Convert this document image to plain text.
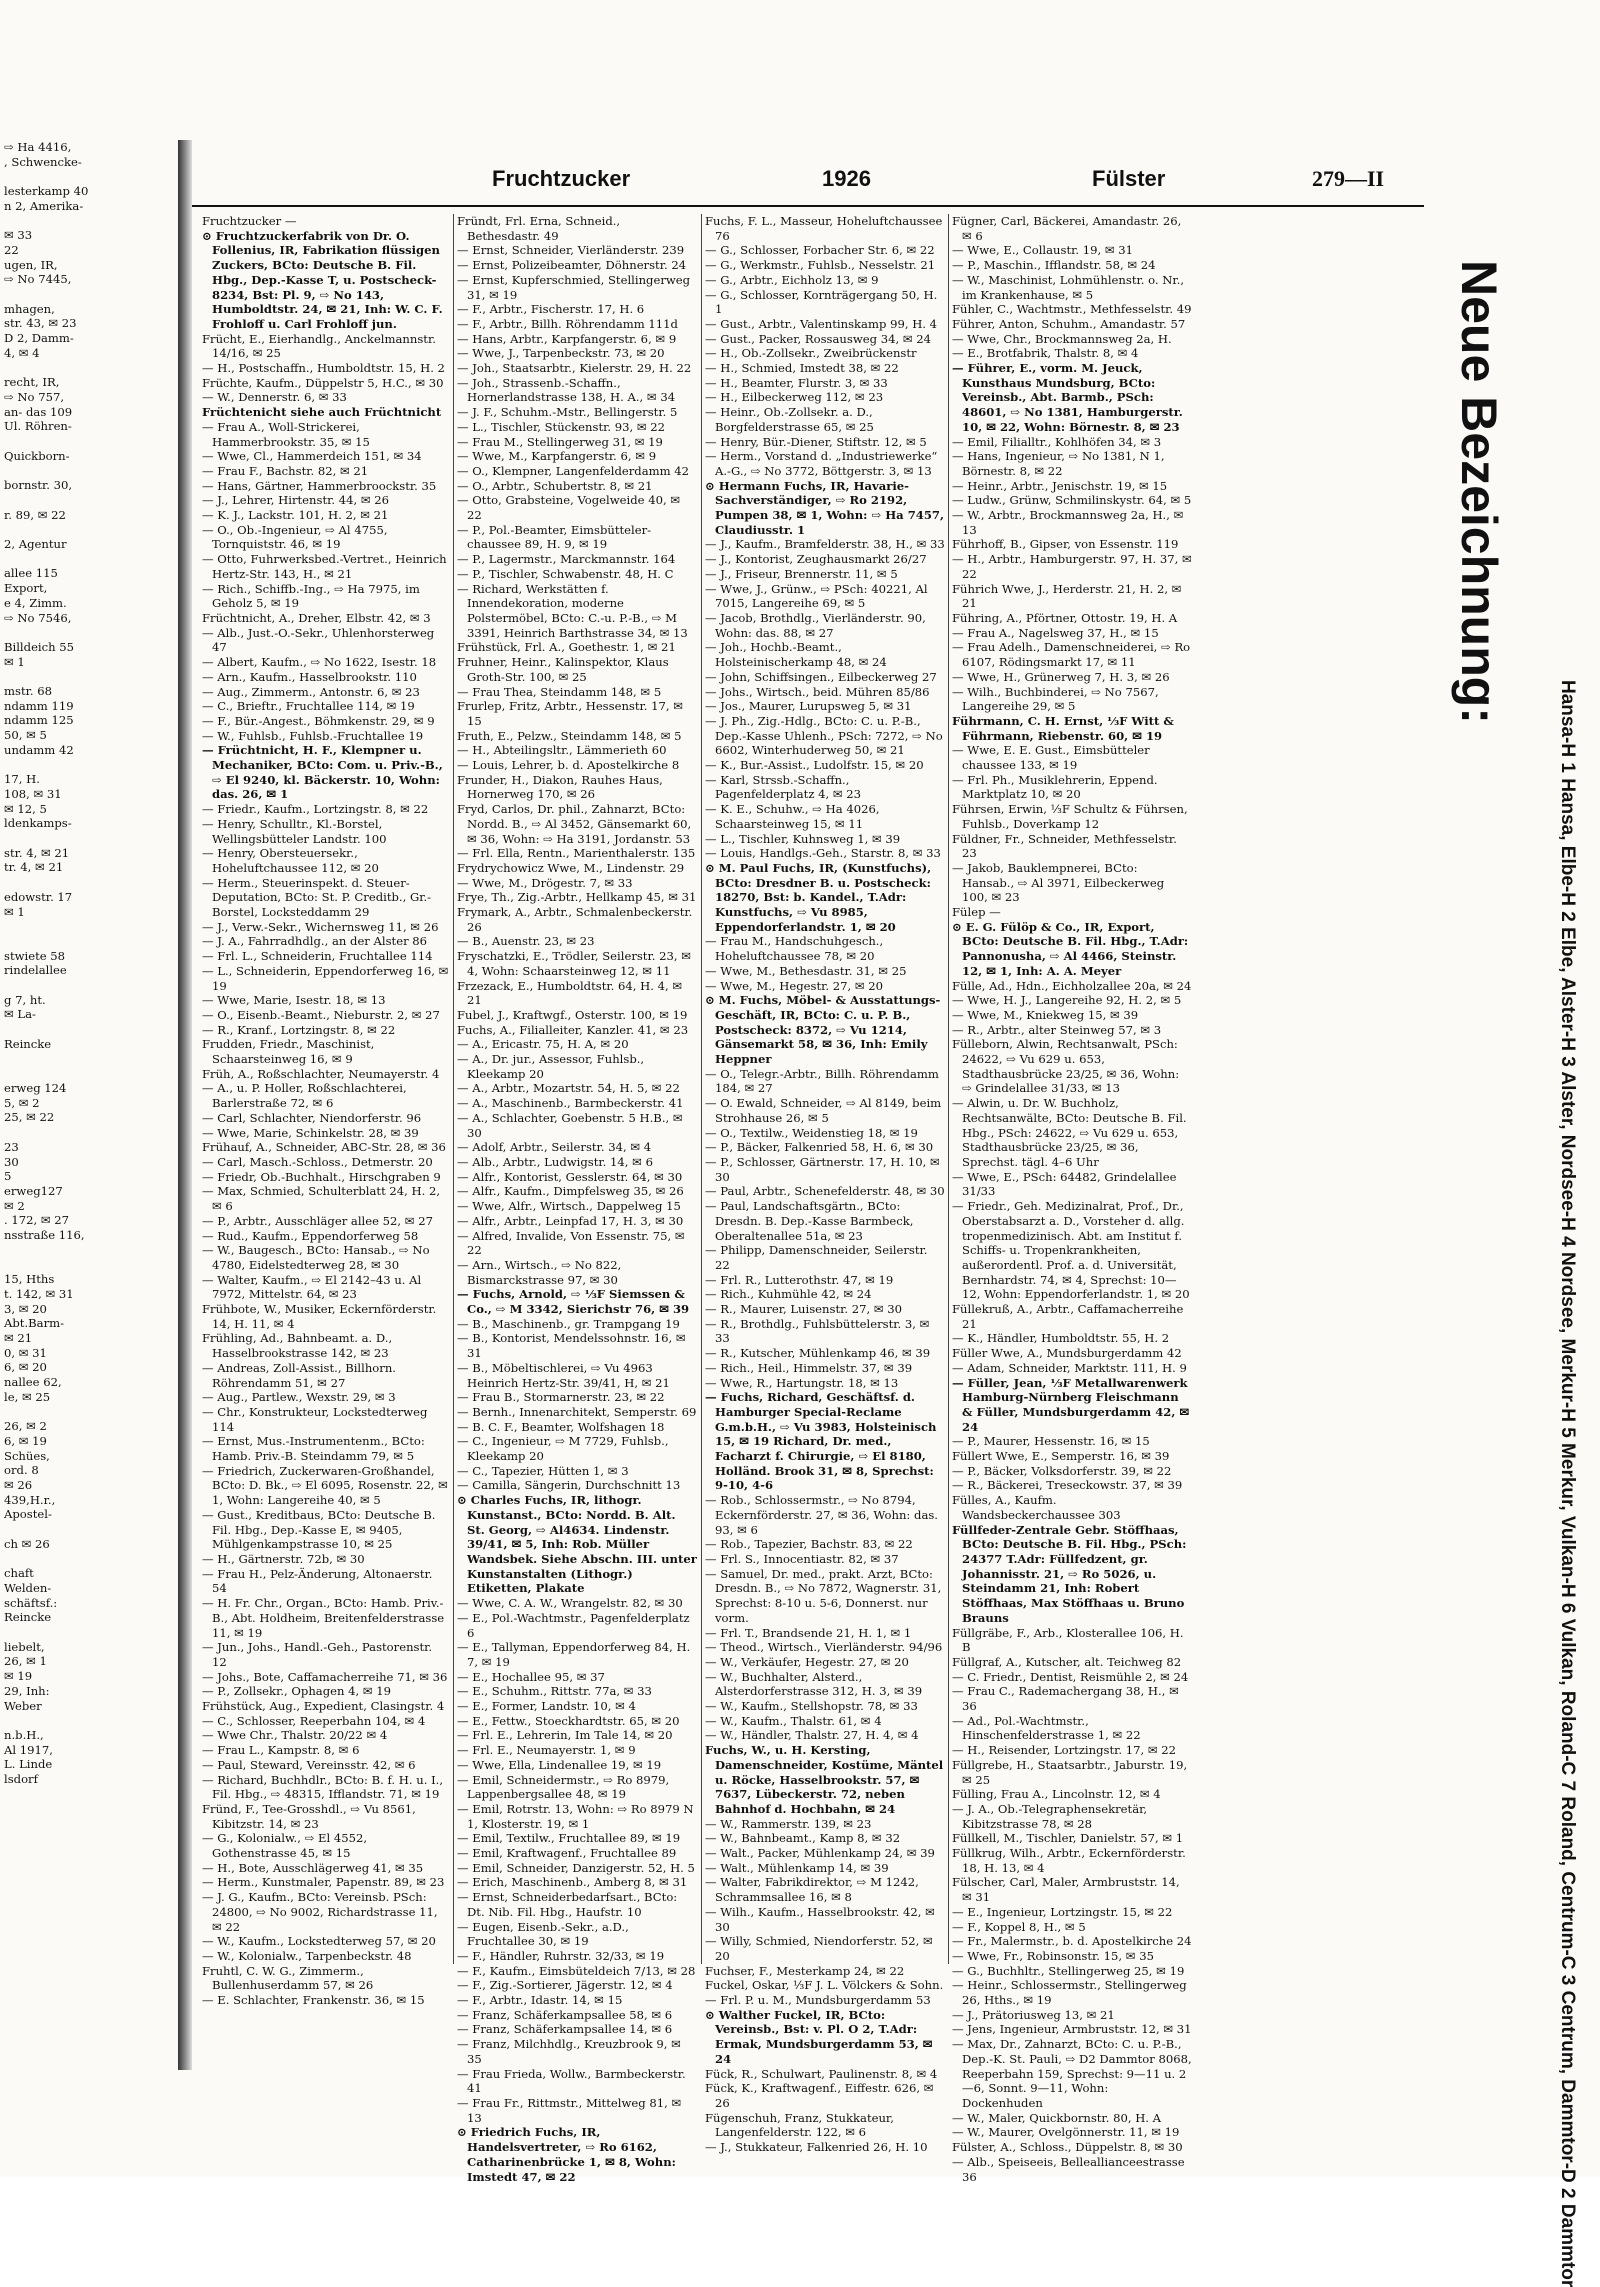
⇨ Ha 4416,
, Schwencke-

lesterkamp 40
n 2, Amerika-

✉ 33
22
ugen, IR,
⇨ No 7445,

mhagen,
str. 43, ✉ 23
D 2, Damm-
4, ✉ 4

recht, IR,
⇨ No 757,
an- das 109
Ul. Röhren-

Quickborn-

bornstr. 30,

r. 89, ✉ 22

2, Agentur

allee 115
Export,
e 4, Zimm.
⇨ No 7546,

Billdeich 55
✉ 1

mstr. 68
ndamm 119
ndamm 125
50, ✉ 5
undamm 42

17, H.
108, ✉ 31
✉ 12, 5
ldenkamps-

str. 4, ✉ 21
tr. 4, ✉ 21

edowstr. 17
✉ 1

stwiete 58
rindelallee

g 7, ht.
✉ La-

Reincke

erweg 124
5, ✉ 2
25, ✉ 22

23
30
5
erweg127
✉ 2
. 172, ✉ 27
nsstraße 116,

15, Hths
t. 142, ✉ 31
3, ✉ 20
Abt.Barm-
✉ 21
0, ✉ 31
6, ✉ 20
nallee 62,
le, ✉ 25

26, ✉ 2
6, ✉ 19
Schües,
ord. 8
✉ 26
439,H.r.,
Apostel-

ch ✉ 26

chaft
Welden-
schäftsf.:
Reincke

liebelt,
26, ✉ 1
✉ 19
29, Inh:
Weber

n.b.H.,
Al 1917,
L. Linde
lsdorf
Fruchtzucker	1926	Fülster	279—II
Fruchtzucker —
⊙ Fruchtzuckerfabrik von Dr. O. Follenius, IR, Fabrikation flüssigen Zuckers, BCto: Deutsche B. Fil. Hbg., Dep.-Kasse T, u. Postscheck-8234, Bst: Pl. 9, ⇨ No 143, Humboldtstr. 24, ✉ 21, Inh: W. C. F. Frohloff u. Carl Frohloff jun.
Frücht, E., Eierhandlg., Anckelmannstr. 14/16, ✉ 25
— H., Postschaffn., Humboldtstr. 15, H. 2
Früchte, Kaufm., Düppelstr 5, H.C., ✉ 30
— W., Dennerstr. 6, ✉ 33
Früchtenicht siehe auch Früchtnicht
— Frau A., Woll-Strickerei, Hammerbrookstr. 35, ✉ 15
— Wwe, Cl., Hammerdeich 151, ✉ 34
— Frau F., Bachstr. 82, ✉ 21
— Hans, Gärtner, Hammerbroockstr. 35
— J., Lehrer, Hirtenstr. 44, ✉ 26
— K. J., Lackstr. 101, H. 2, ✉ 21
— O., Ob.-Ingenieur, ⇨ Al 4755, Tornquiststr. 46, ✉ 19
— Otto, Fuhrwerksbed.-Vertret., Heinrich Hertz-Str. 143, H., ✉ 21
— Rich., Schiffb.-Ing., ⇨ Ha 7975, im Geholz 5, ✉ 19
Früchtnicht, A., Dreher, Elbstr. 42, ✉ 3
— Alb., Just.-O.-Sekr., Uhlenhorsterweg 47
— Albert, Kaufm., ⇨ No 1622, Isestr. 18
— Arn., Kaufm., Hasselbrookstr. 110
— Aug., Zimmerm., Antonstr. 6, ✉ 23
— C., Brieftr., Fruchtallee 114, ✉ 19
— F., Bür.-Angest., Böhmkenstr. 29, ✉ 9
— W., Fuhlsb., Fuhlsb.-Fruchtallee 19
— Früchtnicht, H. F., Klempner u. Mechaniker, BCto: Com. u. Priv.-B., ⇨ El 9240, kl. Bäckerstr. 10, Wohn: das. 26, ✉ 1
— Friedr., Kaufm., Lortzingstr. 8, ✉ 22
— Henry, Schulltr., Kl.-Borstel, Wellingsbütteler Landstr. 100
— Henry, Obersteuersekr., Hoheluftchaussee 112, ✉ 20
— Herm., Steuerinspekt. d. Steuer-Deputation, BCto: St. P. Creditb., Gr.-Borstel, Locksteddamm 29
— J., Verw.-Sekr., Wichernsweg 11, ✉ 26
— J. A., Fahrradhdlg., an der Alster 86
— Frl. L., Schneiderin, Fruchtallee 114
— L., Schneiderin, Eppendorferweg 16, ✉ 19
— Wwe, Marie, Isestr. 18, ✉ 13
— O., Eisenb.-Beamt., Nieburstr. 2, ✉ 27
— R., Kranf., Lortzingstr. 8, ✉ 22
Frudden, Friedr., Maschinist, Schaarsteinweg 16, ✉ 9
Früh, A., Roßschlachter, Neumayerstr. 4
— A., u. P. Holler, Roßschlachterei, Barlerstraße 72, ✉ 6
— Carl, Schlachter, Niendorferstr. 96
— Wwe, Marie, Schinkelstr. 28, ✉ 39
Frühauf, A., Schneider, ABC-Str. 28, ✉ 36
— Carl, Masch.-Schloss., Detmerstr. 20
— Friedr, Ob.-Buchhalt., Hirschgraben 9
— Max, Schmied, Schulterblatt 24, H. 2, ✉ 6
— P., Arbtr., Ausschläger allee 52, ✉ 27
— Rud., Kaufm., Eppendorferweg 58
— W., Baugesch., BCto: Hansab., ⇨ No 4780, Eidelstedterweg 28, ✉ 30
— Walter, Kaufm., ⇨ El 2142–43 u. Al 7972, Mittelstr. 64, ✉ 23
Frühbote, W., Musiker, Eckernförderstr. 14, H. 11, ✉ 4
Frühling, Ad., Bahnbeamt. a. D., Hasselbrookstrasse 142, ✉ 23
— Andreas, Zoll-Assist., Billhorn. Röhrendamm 51, ✉ 27
— Aug., Partlew., Wexstr. 29, ✉ 3
— Chr., Konstrukteur, Lockstedterweg 114
— Ernst, Mus.-Instrumentenm., BCto: Hamb. Priv.-B. Steindamm 79, ✉ 5
— Friedrich, Zuckerwaren-Großhandel, BCto: D. Bk., ⇨ El 6095, Rosenstr. 22, ✉ 1, Wohn: Langereihe 40, ✉ 5
— Gust., Kreditbaus, BCto: Deutsche B. Fil. Hbg., Dep.-Kasse E, ✉ 9405, Mühlgenkampstrasse 10, ✉ 25
— H., Gärtnerstr. 72b, ✉ 30
— Frau H., Pelz-Änderung, Altonaerstr. 54
— H. Fr. Chr., Organ., BCto: Hamb. Priv.-B., Abt. Holdheim, Breitenfelderstrasse 11, ✉ 19
— Jun., Johs., Handl.-Geh., Pastorenstr. 12
— Johs., Bote, Caffamacherreihe 71, ✉ 36
— P., Zollsekr., Ophagen 4, ✉ 19
Frühstück, Aug., Expedient, Clasingstr. 4
— C., Schlosser, Reeperbahn 104, ✉ 4
— Wwe Chr., Thalstr. 20/22 ✉ 4
— Frau L., Kampstr. 8, ✉ 6
— Paul, Steward, Vereinsstr. 42, ✉ 6
— Richard, Buchhdlr., BCto: B. f. H. u. I., Fil. Hbg., ⇨ 48315, Ifflandstr. 71, ✉ 19
Fründ, F., Tee-Grosshdl., ⇨ Vu 8561, Kibitzstr. 14, ✉ 23
— G., Kolonialw., ⇨ El 4552, Gothenstrasse 45, ✉ 15
— H., Bote, Ausschlägerweg 41, ✉ 35
— Herm., Kunstmaler, Papenstr. 89, ✉ 23
— J. G., Kaufm., BCto: Vereinsb. PSch: 24800, ⇨ No 9002, Richardstrasse 11, ✉ 22
— W., Kaufm., Lockstedterweg 57, ✉ 20
— W., Kolonialw., Tarpenbeckstr. 48
Fruhtl, C. W. G., Zimmerm., Bullenhuserdamm 57, ✉ 26
— E. Schlachter, Frankenstr. 36, ✉ 15
Fründt, Frl. Erna, Schneid., Bethesdastr. 49
— Ernst, Schneider, Vierländerstr. 239
— Ernst, Polizeibeamter, Döhnerstr. 24
— Ernst, Kupferschmied, Stellingerweg 31, ✉ 19
— F., Arbtr., Fischerstr. 17, H. 6
— F., Arbtr., Billh. Röhrendamm 111d
— Hans, Arbtr., Karpfangerstr. 6, ✉ 9
— Wwe, J., Tarpenbeckstr. 73, ✉ 20
— Joh., Staatsarbtr., Kielerstr. 29, H. 22
— Joh., Strassenb.-Schaffn., Hornerlandstrasse 138, H. A., ✉ 34
— J. F., Schuhm.-Mstr., Bellingerstr. 5
— L., Tischler, Stückenstr. 93, ✉ 22
— Frau M., Stellingerweg 31, ✉ 19
— Wwe, M., Karpfangerstr. 6, ✉ 9
— O., Klempner, Langenfelderdamm 42
— O., Arbtr., Schubertstr. 8, ✉ 21
— Otto, Grabsteine, Vogelweide 40, ✉ 22
— P., Pol.-Beamter, Eimsbütteler-chaussee 89, H. 9, ✉ 19
— P., Lagermstr., Marckmannstr. 164
— P., Tischler, Schwabenstr. 48, H. C
— Richard, Werkstätten f. Innendekoration, moderne Polstermöbel, BCto: C.-u. P.-B., ⇨ M 3391, Heinrich Barthstrasse 34, ✉ 13
Frühstück, Frl. A., Goethestr. 1, ✉ 21
Fruhner, Heinr., Kalinspektor, Klaus Groth-Str. 100, ✉ 25
— Frau Thea, Steindamm 148, ✉ 5
Frurlep, Fritz, Arbtr., Hessenstr. 17, ✉ 15
Fruth, E., Pelzw., Steindamm 148, ✉ 5
— H., Abteilingsltr., Lämmerieth 60
— Louis, Lehrer, b. d. Apostelkirche 8
Frunder, H., Diakon, Rauhes Haus, Hornerweg 170, ✉ 26
Fryd, Carlos, Dr. phil., Zahnarzt, BCto: Nordd. B., ⇨ Al 3452, Gänsemarkt 60, ✉ 36, Wohn: ⇨ Ha 3191, Jordanstr. 53
— Frl. Ella, Rentn., Marienthalerstr. 135
Frydrychowicz Wwe, M., Lindenstr. 29
— Wwe, M., Drögestr. 7, ✉ 33
Frye, Th., Zig.-Arbtr., Hellkamp 45, ✉ 31
Frymark, A., Arbtr., Schmalenbeckerstr. 26
— B., Auenstr. 23, ✉ 23
Fryschatzki, E., Trödler, Seilerstr. 23, ✉ 4, Wohn: Schaarsteinweg 12, ✉ 11
Frzezack, E., Humboldtstr. 64, H. 4, ✉ 21
Fubel, J., Kraftwgf., Osterstr. 100, ✉ 19
Fuchs, A., Filialleiter, Kanzler. 41, ✉ 23
— A., Ericastr. 75, H. A, ✉ 20
— A., Dr. jur., Assessor, Fuhlsb., Kleekamp 20
— A., Arbtr., Mozartstr. 54, H. 5, ✉ 22
— A., Maschinenb., Barmbeckerstr. 41
— A., Schlachter, Goebenstr. 5 H.B., ✉ 30
— Adolf, Arbtr., Seilerstr. 34, ✉ 4
— Alb., Arbtr., Ludwigstr. 14, ✉ 6
— Alfr., Kontorist, Gesslerstr. 64, ✉ 30
— Alfr., Kaufm., Dimpfelsweg 35, ✉ 26
— Wwe, Alfr., Wirtsch., Dappelweg 15
— Alfr., Arbtr., Leinpfad 17, H. 3, ✉ 30
— Alfred, Invalide, Von Essenstr. 75, ✉ 22
— Arn., Wirtsch., ⇨ No 822, Bismarckstrasse 97, ✉ 30
— Fuchs, Arnold, ⇨ ⅓F Siemssen & Co., ⇨ M 3342, Sierichstr 76, ✉ 39
— B., Maschinenb., gr. Trampgang 19
— B., Kontorist, Mendelssohnstr. 16, ✉ 31
— B., Möbeltischlerei, ⇨ Vu 4963 Heinrich Hertz-Str. 39/41, H, ✉ 21
— Frau B., Stormarnerstr. 23, ✉ 22
— Bernh., Innenarchitekt, Semperstr. 69
— B. C. F., Beamter, Wolfshagen 18
— C., Ingenieur, ⇨ M 7729, Fuhlsb., Kleekamp 20
— C., Tapezier, Hütten 1, ✉ 3
— Camilla, Sängerin, Durchschnitt 13
⊙ Charles Fuchs, IR, lithogr. Kunstanst., BCto: Nordd. B. Alt. St. Georg, ⇨ Al4634. Lindenstr. 39/41, ✉ 5, Inh: Rob. Müller Wandsbek. Siehe Abschn. III. unter Kunstanstalten (Lithogr.) Etiketten, Plakate
— Wwe, C. A. W., Wrangelstr. 82, ✉ 30
— E., Pol.-Wachtmstr., Pagenfelderplatz 6
— E., Tallyman, Eppendorferweg 84, H. 7, ✉ 19
— E., Hochallee 95, ✉ 37
— E., Schuhm., Rittstr. 77a, ✉ 33
— E., Former, Landstr. 10, ✉ 4
— E., Fettw., Stoeckhardtstr. 65, ✉ 20
— Frl. E., Lehrerin, Im Tale 14, ✉ 20
— Frl. E., Neumayerstr. 1, ✉ 9
— Wwe, Ella, Lindenallee 19, ✉ 19
— Emil, Schneidermstr., ⇨ Ro 8979, Lappenbergsallee 48, ✉ 19
— Emil, Rotrstr. 13, Wohn: ⇨ Ro 8979 N 1, Klosterstr. 19, ✉ 1
— Emil, Textilw., Fruchtallee 89, ✉ 19
— Emil, Kraftwagenf., Fruchtallee 89
— Emil, Schneider, Danzigerstr. 52, H. 5
— Erich, Maschinenb., Amberg 8, ✉ 31
— Ernst, Schneiderbedarfsart., BCto: Dt. Nib. Fil. Hbg., Haufstr. 10
— Eugen, Eisenb.-Sekr., a.D., Fruchtallee 30, ✉ 19
— F., Händler, Ruhrstr. 32/33, ✉ 19
— F., Kaufm., Eimsbüteldeich 7/13, ✉ 28
— F., Zig.-Sortierer, Jägerstr. 12, ✉ 4
— F., Arbtr., Idastr. 14, ✉ 15
— Franz, Schäferkampsallee 58, ✉ 6
— Franz, Schäferkampsallee 14, ✉ 6
— Franz, Milchhdlg., Kreuzbrook 9, ✉ 35
— Frau Frieda, Wollw., Barmbeckerstr. 41
— Frau Fr., Rittmstr., Mittelweg 81, ✉ 13
⊙ Friedrich Fuchs, IR, Handelsvertreter, ⇨ Ro 6162, Catharinenbrücke 1, ✉ 8, Wohn: Imstedt 47, ✉ 22
Fuchs, F. L., Masseur, Hoheluftchaussee 76
— G., Schlosser, Forbacher Str. 6, ✉ 22
— G., Werkmstr., Fuhlsb., Nesselstr. 21
— G., Arbtr., Eichholz 13, ✉ 9
— G., Schlosser, Kornträgergang 50, H. 1
— Gust., Arbtr., Valentinskamp 99, H. 4
— Gust., Packer, Rossausweg 34, ✉ 24
— H., Ob.-Zollsekr., Zweibrückenstr
— H., Schmied, Imstedt 38, ✉ 22
— H., Beamter, Flurstr. 3, ✉ 33
— H., Eilbeckerweg 112, ✉ 23
— Heinr., Ob.-Zollsekr. a. D., Borgfelderstrasse 65, ✉ 25
— Henry, Bür.-Diener, Stiftstr. 12, ✉ 5
— Herm., Vorstand d. „Industriewerke“ A.-G., ⇨ No 3772, Böttgerstr. 3, ✉ 13
⊙ Hermann Fuchs, IR, Havarie-Sachverständiger, ⇨ Ro 2192, Pumpen 38, ✉ 1, Wohn: ⇨ Ha 7457, Claudiusstr. 1
— J., Kaufm., Bramfelderstr. 38, H., ✉ 33
— J., Kontorist, Zeughausmarkt 26/27
— J., Friseur, Brennerstr. 11, ✉ 5
— Wwe, J., Grünw., ⇨ PSch: 40221, Al 7015, Langereihe 69, ✉ 5
— Jacob, Brothdlg., Vierländerstr. 90, Wohn: das. 88, ✉ 27
— Joh., Hochb.-Beamt., Holsteinischerkamp 48, ✉ 24
— John, Schiffsingen., Eilbeckerweg 27
— Johs., Wirtsch., beid. Mühren 85/86
— Jos., Maurer, Lurupsweg 5, ✉ 31
— J. Ph., Zig.-Hdlg., BCto: C. u. P.-B., Dep.-Kasse Uhlenh., PSch: 7272, ⇨ No 6602, Winterhuderweg 50, ✉ 21
— K., Bur.-Assist., Ludolfstr. 15, ✉ 20
— Karl, Strssb.-Schaffn., Pagenfelderplatz 4, ✉ 23
— K. E., Schuhw., ⇨ Ha 4026, Schaarsteinweg 15, ✉ 11
— L., Tischler, Kuhnsweg 1, ✉ 39
— Louis, Handlgs.-Geh., Starstr. 8, ✉ 33
⊙ M. Paul Fuchs, IR, (Kunstfuchs), BCto: Dresdner B. u. Postscheck: 18270, Bst: b. Kandel., T.Adr: Kunstfuchs, ⇨ Vu 8985, Eppendorferlandstr. 1, ✉ 20
— Frau M., Handschuhgesch., Hoheluftchaussee 78, ✉ 20
— Wwe, M., Bethesdastr. 31, ✉ 25
— Wwe, M., Hegestr. 27, ✉ 20
⊙ M. Fuchs, Möbel- & Ausstattungs-Geschäft, IR, BCto: C. u. P. B., Postscheck: 8372, ⇨ Vu 1214, Gänsemarkt 58, ✉ 36, Inh: Emily Heppner
— O., Telegr.-Arbtr., Billh. Röhrendamm 184, ✉ 27
— O. Ewald, Schneider, ⇨ Al 8149, beim Strohhause 26, ✉ 5
— O., Textilw., Weidenstieg 18, ✉ 19
— P., Bäcker, Falkenried 58, H. 6, ✉ 30
— P., Schlosser, Gärtnerstr. 17, H. 10, ✉ 30
— Paul, Arbtr., Schenefelderstr. 48, ✉ 30
— Paul, Landschaftsgärtn., BCto: Dresdn. B. Dep.-Kasse Barmbeck, Oberaltenallee 51a, ✉ 23
— Philipp, Damenschneider, Seilerstr. 22
— Frl. R., Lutterothstr. 47, ✉ 19
— Rich., Kuhmühle 42, ✉ 24
— R., Maurer, Luisenstr. 27, ✉ 30
— R., Brothdlg., Fuhlsbüttelerstr. 3, ✉ 33
— R., Kutscher, Mühlenkamp 46, ✉ 39
— Rich., Heil., Himmelstr. 37, ✉ 39
— Wwe, R., Hartungstr. 18, ✉ 13
— Fuchs, Richard, Geschäftsf. d. Hamburger Special-Reclame G.m.b.H., ⇨ Vu 3983, Holsteinisch 15, ✉ 19 Richard, Dr. med., Facharzt f. Chirurgie, ⇨ El 8180, Holländ. Brook 31, ✉ 8, Sprechst: 9-10, 4-6
— Rob., Schlossermstr., ⇨ No 8794, Eckernförderstr. 27, ✉ 36, Wohn: das. 93, ✉ 6
— Rob., Tapezier, Bachstr. 83, ✉ 22
— Frl. S., Innocentiastr. 82, ✉ 37
— Samuel, Dr. med., prakt. Arzt, BCto: Dresdn. B., ⇨ No 7872, Wagnerstr. 31, Sprechst: 8-10 u. 5-6, Donnerst. nur vorm.
— Frl. T., Brandsende 21, H. 1, ✉ 1
— Theod., Wirtsch., Vierländerstr. 94/96
— W., Verkäufer, Hegestr. 27, ✉ 20
— W., Buchhalter, Alsterd., Alsterdorferstrasse 312, H. 3, ✉ 39
— W., Kaufm., Stellshopstr. 78, ✉ 33
— W., Kaufm., Thalstr. 61, ✉ 4
— W., Händler, Thalstr. 27, H. 4, ✉ 4
Fuchs, W., u. H. Kersting, Damenschneider, Kostüme, Mäntel u. Röcke, Hasselbrookstr. 57, ✉ 7637, Lübeckerstr. 72, neben Bahnhof d. Hochbahn, ✉ 24
— W., Rammerstr. 139, ✉ 23
— W., Bahnbeamt., Kamp 8, ✉ 32
— Walt., Packer, Mühlenkamp 24, ✉ 39
— Walt., Mühlenkamp 14, ✉ 39
— Walter, Fabrikdirektor, ⇨ M 1242, Schrammsallee 16, ✉ 8
— Wilh., Kaufm., Hasselbrookstr. 42, ✉ 30
— Willy, Schmied, Niendorferstr. 52, ✉ 20
Fuchser, F., Mesterkamp 24, ✉ 22
Fuckel, Oskar, ⅓F J. L. Völckers & Sohn.
— Frl. P. u. M., Mundsburgerdamm 53
⊙ Walther Fuckel, IR, BCto: Vereinsb., Bst: v. Pl. O 2, T.Adr: Ermak, Mundsburgerdamm 53, ✉ 24
Fück, R., Schulwart, Paulinenstr. 8, ✉ 4
Fück, K., Kraftwagenf., Eiffestr. 626, ✉ 26
Fügenschuh, Franz, Stukkateur, Langenfelderstr. 122, ✉ 6
— J., Stukkateur, Falkenried 26, H. 10
Fügner, Carl, Bäckerei, Amandastr. 26, ✉ 6
— Wwe, E., Collaustr. 19, ✉ 31
— P., Maschin., Ifflandstr. 58, ✉ 24
— W., Maschinist, Lohmühlenstr. o. Nr., im Krankenhause, ✉ 5
Fühler, C., Wachtmstr., Methfesselstr. 49
Führer, Anton, Schuhm., Amandastr. 57
— Wwe, Chr., Brockmannsweg 2a, H.
— E., Brotfabrik, Thalstr. 8, ✉ 4
— Führer, E., vorm. M. Jeuck, Kunsthaus Mundsburg, BCto: Vereinsb., Abt. Barmb., PSch: 48601, ⇨ No 1381, Hamburgerstr. 10, ✉ 22, Wohn: Börnestr. 8, ✉ 23
— Emil, Filialltr., Kohlhöfen 34, ✉ 3
— Hans, Ingenieur, ⇨ No 1381, N 1, Börnestr. 8, ✉ 22
— Heinr., Arbtr., Jenischstr. 19, ✉ 15
— Ludw., Grünw, Schmilinskystr. 64, ✉ 5
— W., Arbtr., Brockmannsweg 2a, H., ✉ 13
Führhoff, B., Gipser, von Essenstr. 119
— H., Arbtr., Hamburgerstr. 97, H. 37, ✉ 22
Führich Wwe, J., Herderstr. 21, H. 2, ✉ 21
Führing, A., Pförtner, Ottostr. 19, H. A
— Frau A., Nagelsweg 37, H., ✉ 15
— Frau Adelh., Damenschneiderei, ⇨ Ro 6107, Rödingsmarkt 17, ✉ 11
— Wwe, H., Grünerweg 7, H. 3, ✉ 26
— Wilh., Buchbinderei, ⇨ No 7567, Langereihe 29, ✉ 5
Führmann, C. H. Ernst, ⅓F Witt & Führmann, Riebenstr. 60, ✉ 19
— Wwe, E. E. Gust., Eimsbütteler chaussee 133, ✉ 19
— Frl. Ph., Musiklehrerin, Eppend. Marktplatz 10, ✉ 20
Führsen, Erwin, ⅓F Schultz & Führsen, Fuhlsb., Doverkamp 12
Füldner, Fr., Schneider, Methfesselstr. 23
— Jakob, Bauklempnerei, BCto: Hansab., ⇨ Al 3971, Eilbeckerweg 100, ✉ 23
Fülep —
⊙ E. G. Fülöp & Co., IR, Export, BCto: Deutsche B. Fil. Hbg., T.Adr: Pannonusha, ⇨ Al 4466, Steinstr. 12, ✉ 1, Inh: A. A. Meyer
Fülle, Ad., Hdn., Eichholzallee 20a, ✉ 24
— Wwe, H. J., Langereihe 92, H. 2, ✉ 5
— Wwe, M., Kniekweg 15, ✉ 39
— R., Arbtr., alter Steinweg 57, ✉ 3
Fülleborn, Alwin, Rechtsanwalt, PSch: 24622, ⇨ Vu 629 u. 653, Stadthausbrücke 23/25, ✉ 36, Wohn: ⇨ Grindelallee 31/33, ✉ 13
— Alwin, u. Dr. W. Buchholz, Rechtsanwälte, BCto: Deutsche B. Fil. Hbg., PSch: 24622, ⇨ Vu 629 u. 653, Stadthausbrücke 23/25, ✉ 36, Sprechst. tägl. 4–6 Uhr
— Wwe, E., PSch: 64482, Grindelallee 31/33
— Friedr., Geh. Medizinalrat, Prof., Dr., Oberstabsarzt a. D., Vorsteher d. allg. tropenmedizinisch. Abt. am Institut f. Schiffs- u. Tropenkrankheiten, außerordentl. Prof. a. d. Universität, Bernhardstr. 74, ✉ 4, Sprechst: 10—12, Wohn: Eppendorferlandstr. 1, ✉ 20
Füllekruß, A., Arbtr., Caffamacherreihe 21
— K., Händler, Humboldtstr. 55, H. 2
Füller Wwe, A., Mundsburgerdamm 42
— Adam, Schneider, Marktstr. 111, H. 9
— Füller, Jean, ⅓F Metallwarenwerk Hamburg-Nürnberg Fleischmann & Füller, Mundsburgerdamm 42, ✉ 24
— P., Maurer, Hessenstr. 16, ✉ 15
Füllert Wwe, E., Semperstr. 16, ✉ 39
— P., Bäcker, Volksdorferstr. 39, ✉ 22
— R., Bäckerei, Treseckowstr. 37, ✉ 39
Fülles, A., Kaufm. Wandsbeckerchaussee 303
Füllfeder-Zentrale Gebr. Stöffhaas, BCto: Deutsche B. Fil. Hbg., PSch: 24377 T.Adr: Füllfedzent, gr. Johannisstr. 21, ⇨ Ro 5026, u. Steindamm 21, Inh: Robert Stöffhaas, Max Stöffhaas u. Bruno Brauns
Füllgräbe, F., Arb., Klosterallee 106, H. B
Füllgraf, A., Kutscher, alt. Teichweg 82
— C. Friedr., Dentist, Reismühle 2, ✉ 24
— Frau C., Rademachergang 38, H., ✉ 36
— Ad., Pol.-Wachtmstr., Hinschenfelderstrasse 1, ✉ 22
— H., Reisender, Lortzingstr. 17, ✉ 22
Füllgrebe, H., Staatsarbtr., Jaburstr. 19, ✉ 25
Fülling, Frau A., Lincolnstr. 12, ✉ 4
— J. A., Ob.-Telegraphensekretär, Kibitzstrasse 78, ✉ 28
Füllkell, M., Tischler, Danielstr. 57, ✉ 1
Füllkrug, Wilh., Arbtr., Eckernförderstr. 18, H. 13, ✉ 4
Fülscher, Carl, Maler, Armbruststr. 14, ✉ 31
— E., Ingenieur, Lortzingstr. 15, ✉ 22
— F., Koppel 8, H., ✉ 5
— Fr., Malermstr., b. d. Apostelkirche 24
— Wwe, Fr., Robinsonstr. 15, ✉ 35
— G., Buchhltr., Stellingerweg 25, ✉ 19
— Heinr., Schlossermstr., Stellingerweg 26, Hths., ✉ 19
— J., Prätoriusweg 13, ✉ 21
— Jens, Ingenieur, Armbruststr. 12, ✉ 31
— Max, Dr., Zahnarzt, BCto: C. u. P.-B., Dep.-K. St. Pauli, ⇨ D2 Dammtor 8068, Reeperbahn 159, Sprechst: 9—11 u. 2—6, Sonnt. 9—11, Wohn: Dockenhuden
— W., Maler, Quickbornstr. 80, H. A
— W., Maurer, Ovelgönnerstr. 11, ✉ 19
Fülster, A., Schloss., Düppelstr. 8, ✉ 30
— Alb., Speiseeis, Belleallianceestrasse 36
Neue Bezeichnung:
Hansa-H 1 Hansa, Elbe-H 2 Elbe, Alster-H 3 Alster, Nordsee-H 4 Nordsee, Merkur-H 5 Merkur, Vulkan-H 6 Vulkan, Roland-C 7 Roland, Centrum-C 3 Centrum, Dammtor-D 2 Dammtor
